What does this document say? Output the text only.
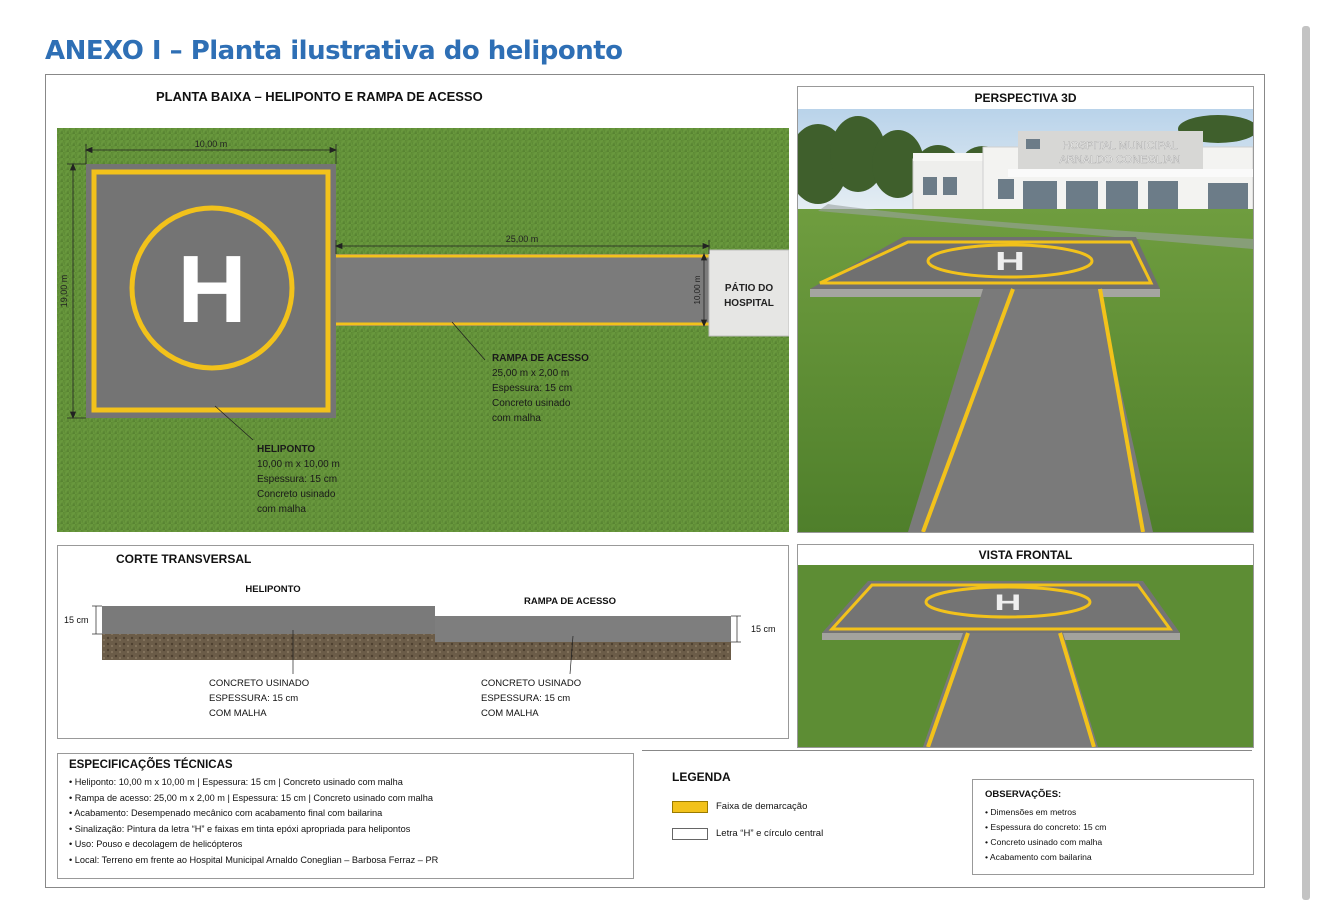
ANEXO I – Planta ilustrativa do heliponto
PLANTA BAIXA – HELIPONTO E RAMPA DE ACESSO
PÁTIO DO
HOSPITAL
H
10,00 m
19,00 m
25,00 m
10,00 m
RAMPA DE ACESSO
25,00 m x 2,00 m
Espessura: 15 cm
Concreto usinado
com malha
HELIPONTO
10,00 m x 10,00 m
Espessura: 15 cm
Concreto usinado
com malha
PERSPECTIVA 3D
HOSPITAL MUNICIPAL
ARNALDO CONEGLIAN
H
CORTE TRANSVERSAL
HELIPONTO
RAMPA DE ACESSO
15 cm
15 cm
CONCRETO USINADO
ESPESSURA: 15 cm
COM MALHA
CONCRETO USINADO
ESPESSURA: 15 cm
COM MALHA
VISTA FRONTAL
H
ESPECIFICAÇÕES TÉCNICAS
• Heliponto: 10,00 m x 10,00 m | Espessura: 15 cm | Concreto usinado com malha
• Rampa de acesso: 25,00 m x 2,00 m | Espessura: 15 cm | Concreto usinado com malha
• Acabamento: Desempenado mecânico com acabamento final com bailarina
• Sinalização: Pintura da letra “H” e faixas em tinta epóxi apropriada para helipontos
• Uso: Pouso e decolagem de helicópteros
• Local: Terreno em frente ao Hospital Municipal Arnaldo Coneglian – Barbosa Ferraz – PR
LEGENDA
Faixa de demarcação
Letra “H” e círculo central
OBSERVAÇÕES:
• Dimensões em metros
• Espessura do concreto: 15 cm
• Concreto usinado com malha
• Acabamento com bailarina
